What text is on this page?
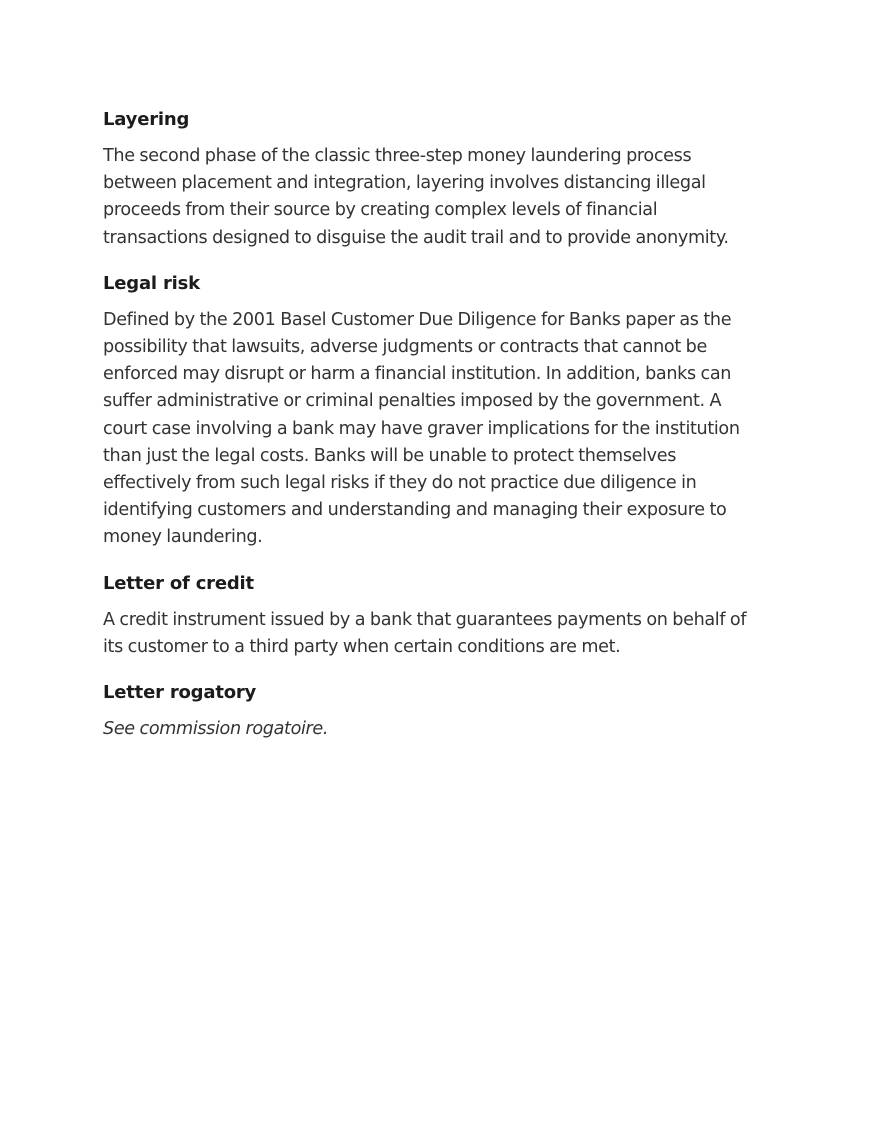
Layering

The second phase of the classic three-step money laundering process between placement and integration, layering involves distancing illegal proceeds from their source by creating complex levels of financial transactions designed to disguise the audit trail and to provide anonymity.

Legal risk

Defined by the 2001 Basel Customer Due Diligence for Banks paper as the possibility that lawsuits, adverse judgments or contracts that cannot be enforced may disrupt or harm a financial institution. In addition, banks can suffer administrative or criminal penalties imposed by the government. A court case involving a bank may have graver implications for the institution than just the legal costs. Banks will be unable to protect themselves effectively from such legal risks if they do not practice due diligence in identifying customers and understanding and managing their exposure to money laundering.

Letter of credit

A credit instrument issued by a bank that guarantees payments on behalf of its customer to a third party when certain conditions are met.

Letter rogatory

See commission rogatoire.
